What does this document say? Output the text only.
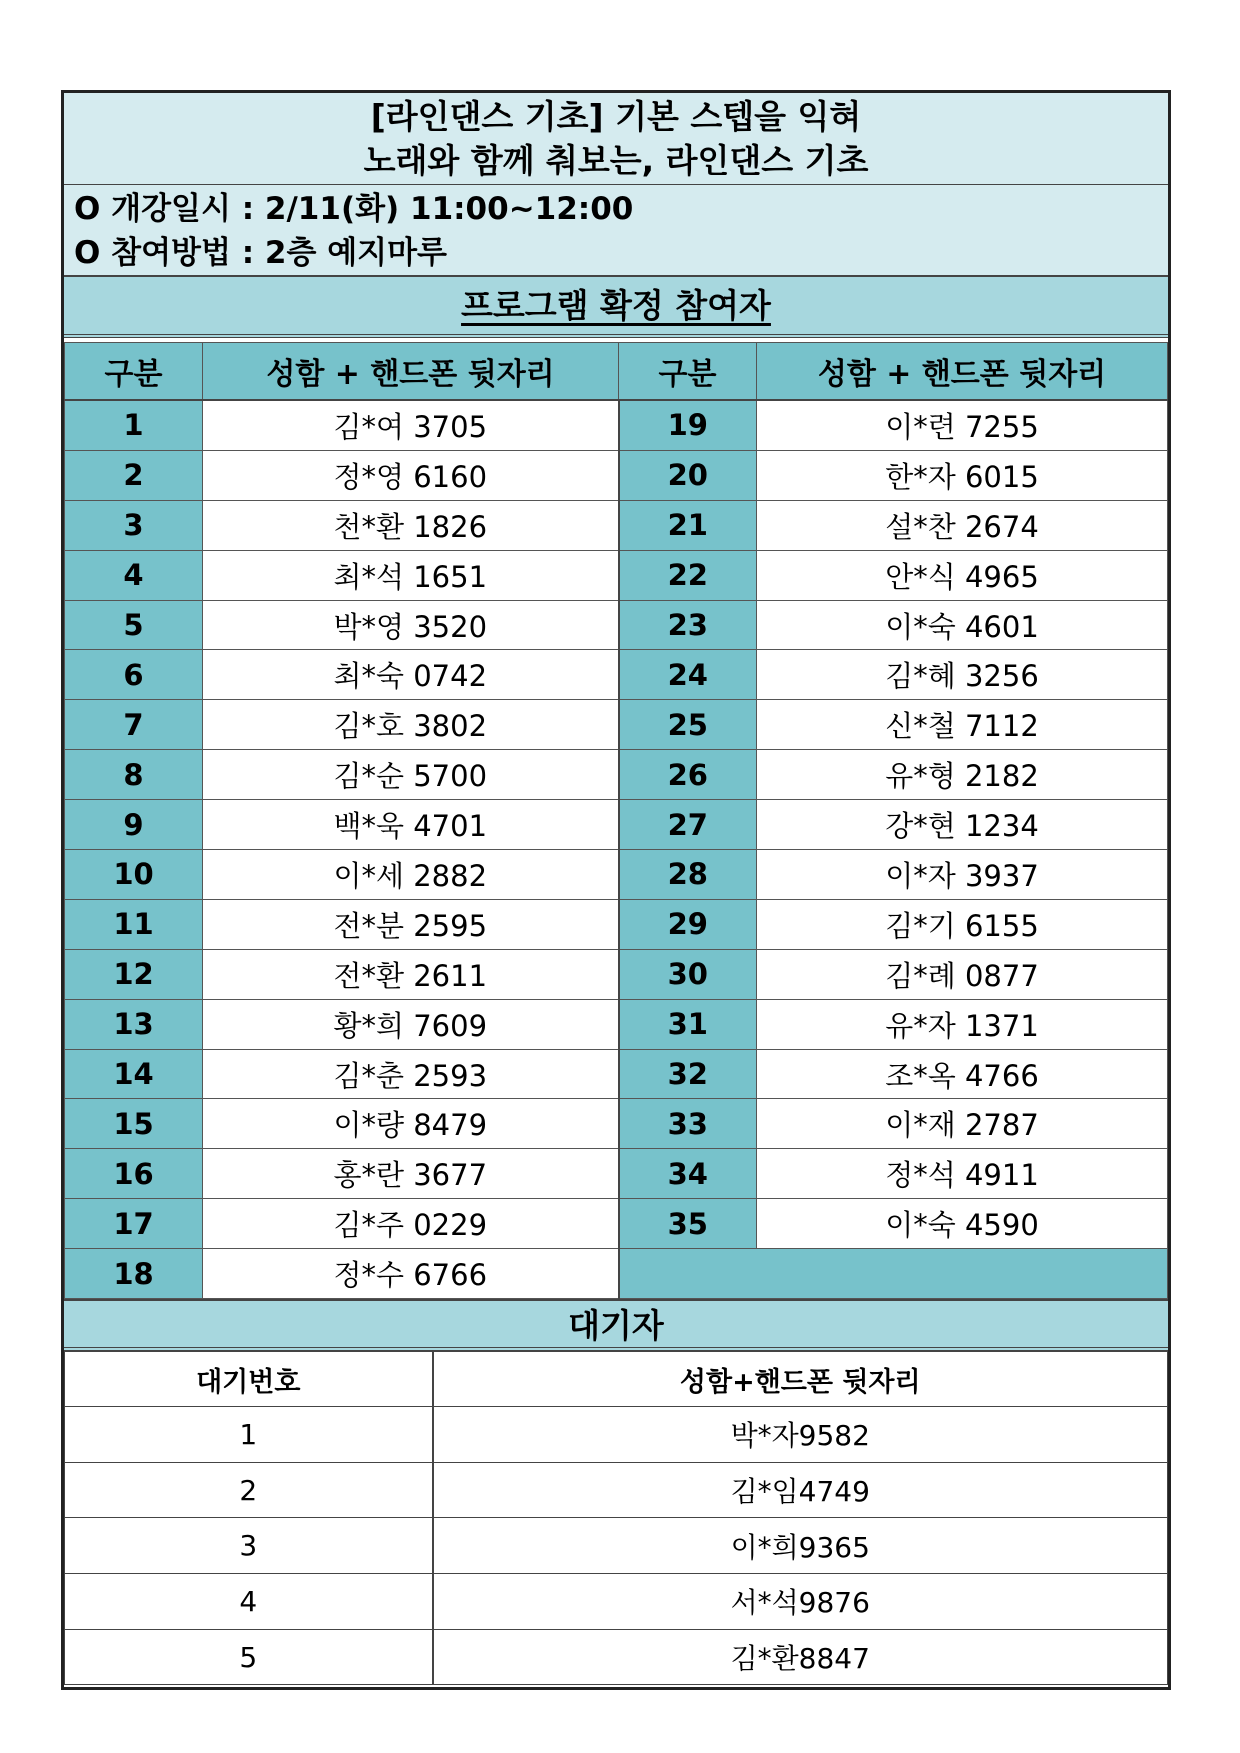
[라인댄스 기초] 기본 스텝을 익혀
노래와 함께 춰보는, 라인댄스 기초
O 개강일시 : 2/11(화) 11:00~12:00
O 참여방법 : 2층 예지마루
프로그램 확정 참여자
구분	성함 + 핸드폰 뒷자리	구분	성함 + 핸드폰 뒷자리
1	김*여 3705	19	이*련 7255
2	정*영 6160	20	한*자 6015
3	천*환 1826	21	설*찬 2674
4	최*석 1651	22	안*식 4965
5	박*영 3520	23	이*숙 4601
6	최*숙 0742	24	김*혜 3256
7	김*호 3802	25	신*철 7112
8	김*순 5700	26	유*형 2182
9	백*욱 4701	27	강*현 1234
10	이*세 2882	28	이*자 3937
11	전*분 2595	29	김*기 6155
12	전*환 2611	30	김*례 0877
13	황*희 7609	31	유*자 1371
14	김*춘 2593	32	조*옥 4766
15	이*량 8479	33	이*재 2787
16	홍*란 3677	34	정*석 4911
17	김*주 0229	35	이*숙 4590
18	정*수 6766		
대기자
대기번호	성함+핸드폰 뒷자리
1	박*자9582
2	김*임4749
3	이*희9365
4	서*석9876
5	김*환8847
